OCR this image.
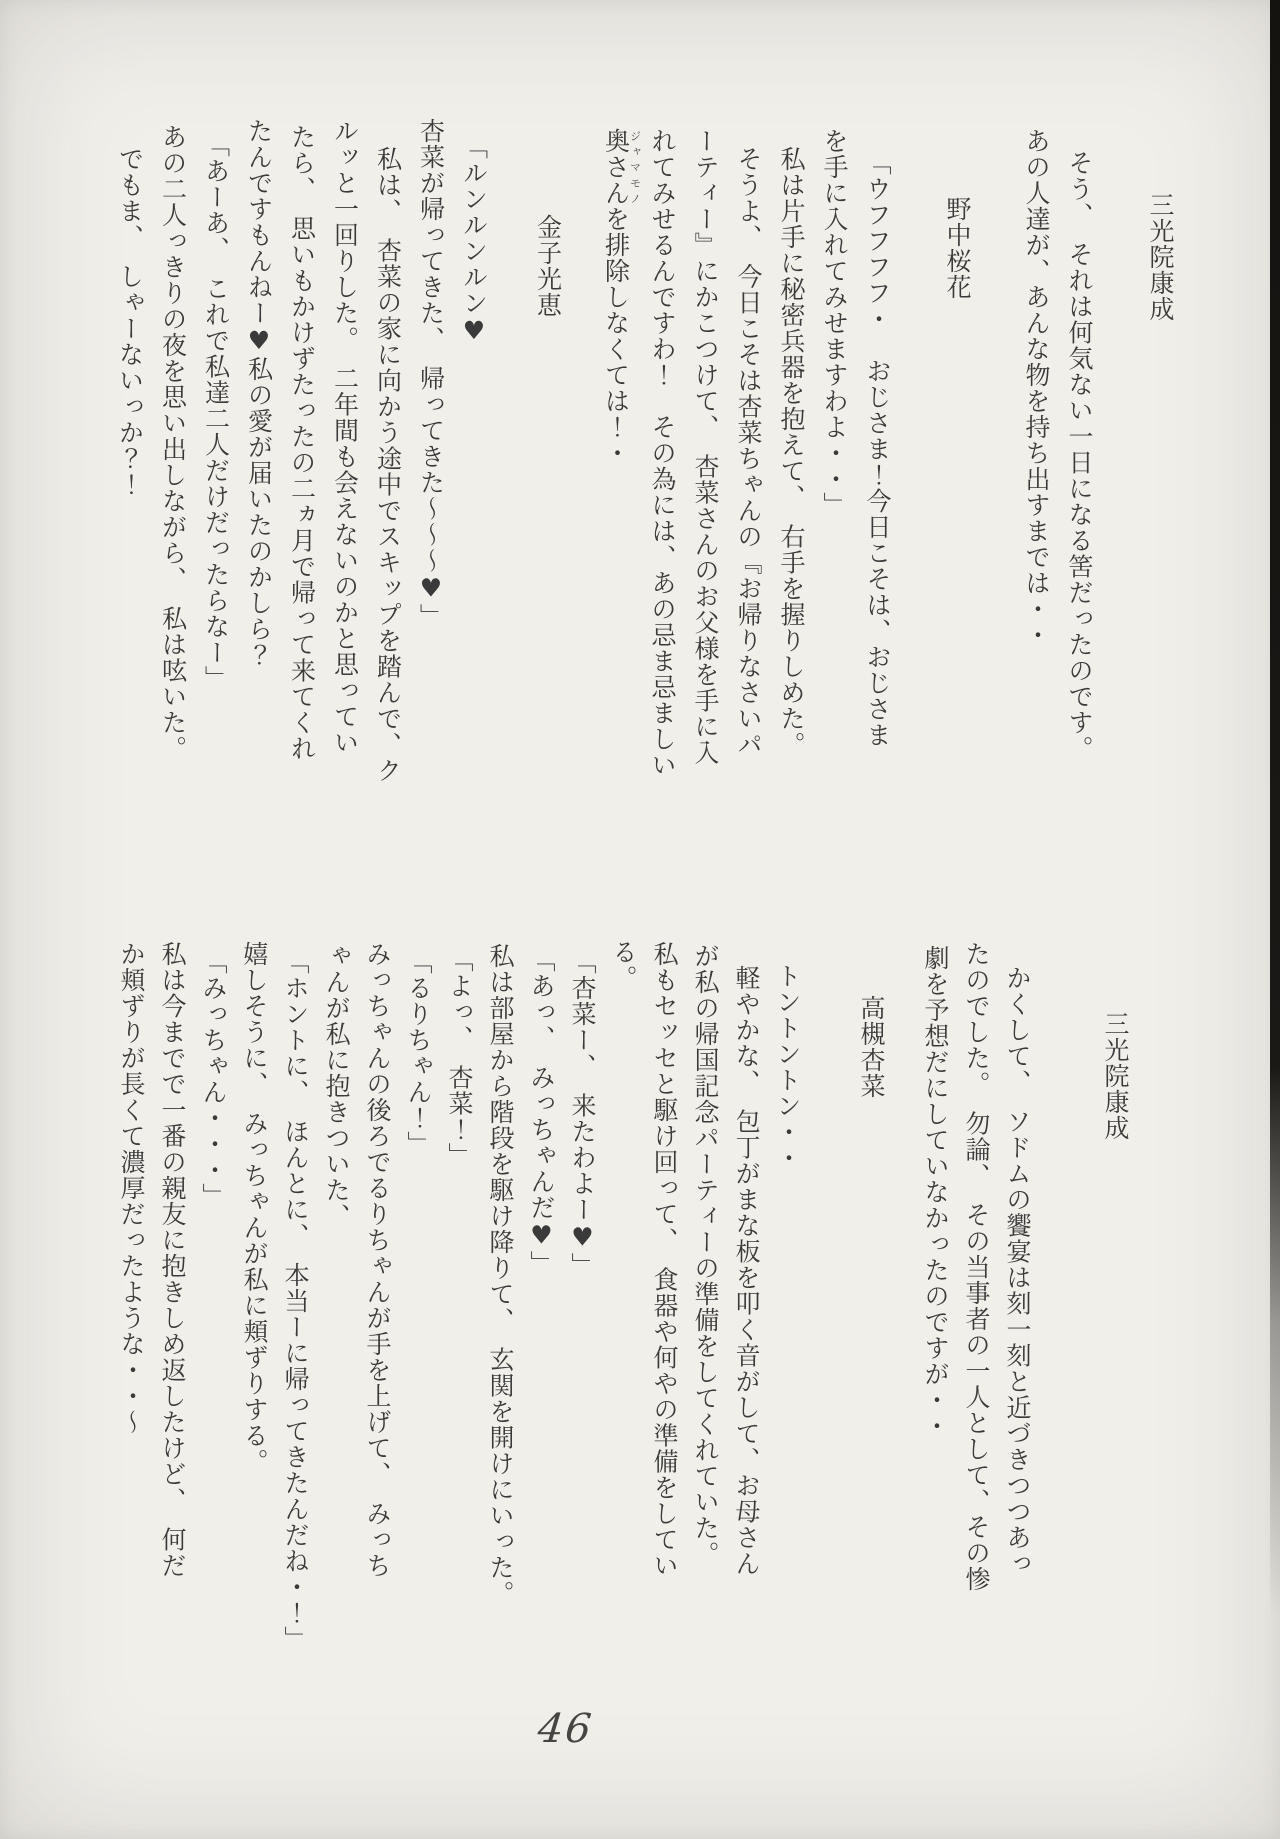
三光院康成
そう、　それは何気ない一日になる筈だったのです。
あの人達が、あんな物を持ち出すまでは・・
野中桜花
「ウフフフフ・　おじさま！今日こそは、おじさま
を手に入れてみせますわよ・・」
私は片手に秘密兵器を抱えて、　右手を握りしめた。
そうよ、　今日こそは杏菜ちゃんの『お帰りなさいパ
ーティー』にかこつけて、　杏菜さんのお父様を手に入
れてみせるんですわ！　その為には、あの忌ま忌ましい
奥さんジャマモノを排除しなくては！・
金子光恵
「ルンルンルン♥
杏菜が帰ってきた、　帰ってきた〜〜〜♥」
私は、　杏菜の家に向かう途中でスキップを踏んで、ク
ルッと一回りした。　二年間も会えないのかと思ってい
たら、　思いもかけずたったの二ヵ月で帰って来てくれ
たんですもんねー♥私の愛が届いたのかしら？
「あーあ、　これで私達二人だけだったらなー」
あの二人っきりの夜を思い出しながら、　私は呟いた。
でもま、　しゃーないっか？！
三光院康成
かくして、　ソドムの饗宴は刻一刻と近づきつつあっ
たのでした。　勿論、　その当事者の一人として、その惨
劇を予想だにしていなかったのですが・・
高槻杏菜
トントントン・・
軽やかな、　包丁がまな板を叩く音がして、お母さん
が私の帰国記念パーティーの準備をしてくれていた。
私もセッセと駆け回って、　食器や何やの準備をしてい
る。
「杏菜ー、　来たわよー♥」
「あっ、　みっちゃんだ♥」
私は部屋から階段を駆け降りて、　玄関を開けにいった。
「よっ、　杏菜！」
「るりちゃん！」
みっちゃんの後ろでるりちゃんが手を上げて、　みっち
ゃんが私に抱きついた、
「ホントに、　ほんとに、　本当ーに帰ってきたんだね・！」
嬉しそうに、　みっちゃんが私に頬ずりする。
「みっちゃん・・・」
私は今までで一番の親友に抱きしめ返したけど、　何だ
か頬ずりが長くて濃厚だったような・・〜
46
